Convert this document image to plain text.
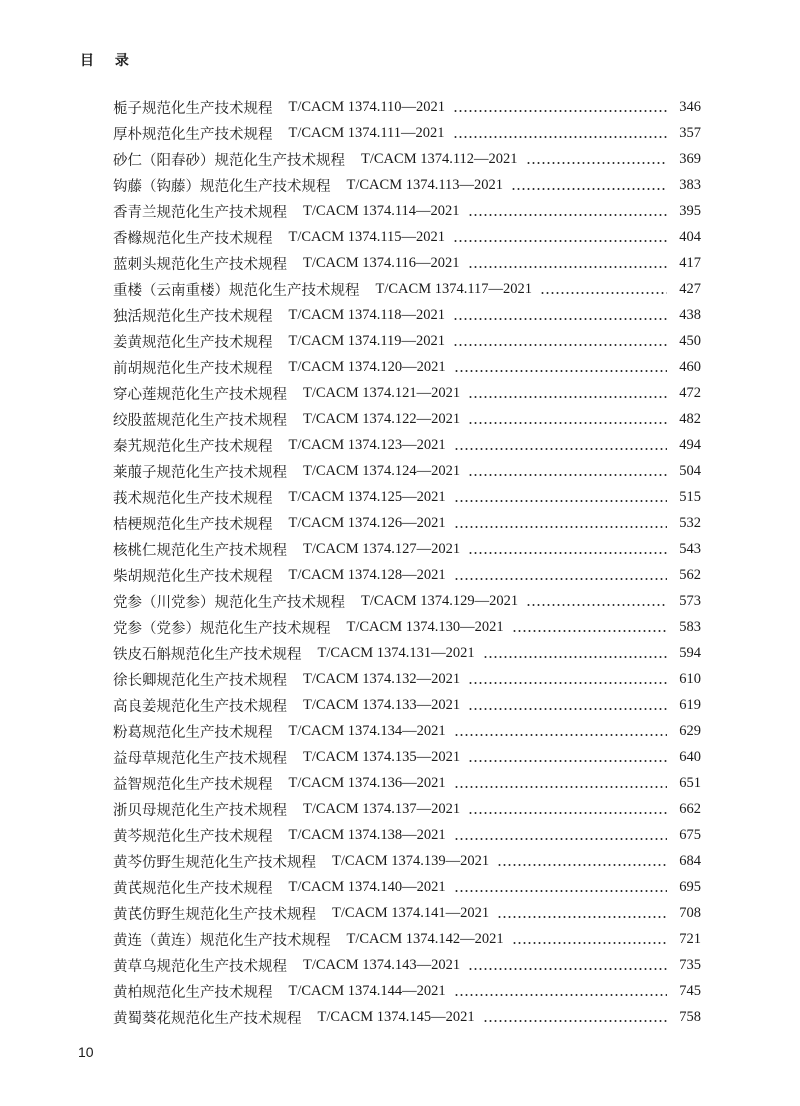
目 录
栀子规范化生产技术规程 T/CACM 1374.110—2021	346
厚朴规范化生产技术规程 T/CACM 1374.111—2021	357
砂仁（阳春砂）规范化生产技术规程 T/CACM 1374.112—2021	369
钩藤（钩藤）规范化生产技术规程 T/CACM 1374.113—2021	383
香青兰规范化生产技术规程 T/CACM 1374.114—2021	395
香橼规范化生产技术规程 T/CACM 1374.115—2021	404
蓝刺头规范化生产技术规程 T/CACM 1374.116—2021	417
重楼（云南重楼）规范化生产技术规程 T/CACM 1374.117—2021	427
独活规范化生产技术规程 T/CACM 1374.118—2021	438
姜黄规范化生产技术规程 T/CACM 1374.119—2021	450
前胡规范化生产技术规程 T/CACM 1374.120—2021	460
穿心莲规范化生产技术规程 T/CACM 1374.121—2021	472
绞股蓝规范化生产技术规程 T/CACM 1374.122—2021	482
秦艽规范化生产技术规程 T/CACM 1374.123—2021	494
莱菔子规范化生产技术规程 T/CACM 1374.124—2021	504
莪术规范化生产技术规程 T/CACM 1374.125—2021	515
桔梗规范化生产技术规程 T/CACM 1374.126—2021	532
核桃仁规范化生产技术规程 T/CACM 1374.127—2021	543
柴胡规范化生产技术规程 T/CACM 1374.128—2021	562
党参（川党参）规范化生产技术规程 T/CACM 1374.129—2021	573
党参（党参）规范化生产技术规程 T/CACM 1374.130—2021	583
铁皮石斛规范化生产技术规程 T/CACM 1374.131—2021	594
徐长卿规范化生产技术规程 T/CACM 1374.132—2021	610
高良姜规范化生产技术规程 T/CACM 1374.133—2021	619
粉葛规范化生产技术规程 T/CACM 1374.134—2021	629
益母草规范化生产技术规程 T/CACM 1374.135—2021	640
益智规范化生产技术规程 T/CACM 1374.136—2021	651
浙贝母规范化生产技术规程 T/CACM 1374.137—2021	662
黄芩规范化生产技术规程 T/CACM 1374.138—2021	675
黄芩仿野生规范化生产技术规程 T/CACM 1374.139—2021	684
黄芪规范化生产技术规程 T/CACM 1374.140—2021	695
黄芪仿野生规范化生产技术规程 T/CACM 1374.141—2021	708
黄连（黄连）规范化生产技术规程 T/CACM 1374.142—2021	721
黄草乌规范化生产技术规程 T/CACM 1374.143—2021	735
黄柏规范化生产技术规程 T/CACM 1374.144—2021	745
黄蜀葵花规范化生产技术规程 T/CACM 1374.145—2021	758
10
